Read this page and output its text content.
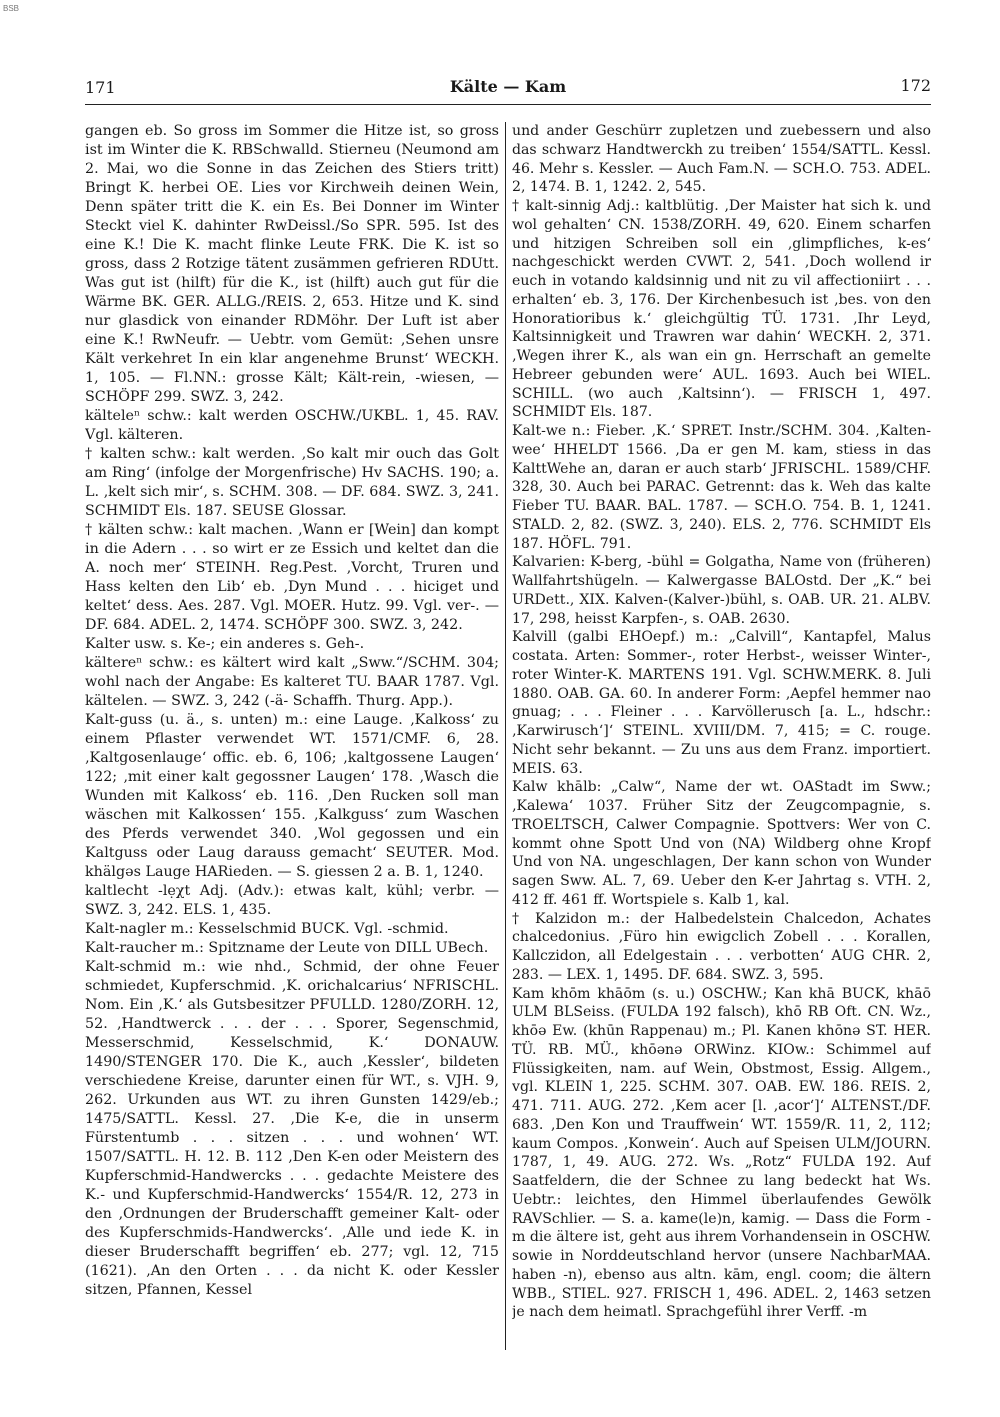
BSB
171	Kälte — Kam	172

gangen eb. So gross im Sommer die Hitze ist, so gross ist im Winter die K. RBSchwalld. Stierneu (Neumond am 2. Mai, wo die Sonne in das Zeichen des Stiers tritt) Bringt K. herbei OE. Lies vor Kirchweih deinen Wein, Denn später tritt die K. ein Es. Bei Donner im Winter Steckt viel K. dahinter RwDeissl./So SPR. 595. Ist des eine K.! Die K. macht flinke Leute FRK. Die K. ist so gross, dass 2 Rotzige tätent zusämmen gefrieren RDUtt. Was gut ist (hilft) für die K., ist (hilft) auch gut für die Wärme BK. GER. ALLG./REIS. 2, 653. Hitze und K. sind nur glasdick von einander RDMöhr. Der Luft ist aber eine K.! RwNeufr. — Uebtr. vom Gemüt: ‚Sehen unsre Kält verkehret In ein klar angenehme Brunst‘ WECKH. 1, 105. — Fl.NN.: grosse Kält; Kält-rein, -wiesen, — SCHÖPF 299. SWZ. 3, 242.

kälteleⁿ schw.: kalt werden OSCHW./UKBL. 1, 45. RAV. Vgl. kälteren.

† kalten schw.: kalt werden. ‚So kalt mir ouch das Golt am Ring‘ (infolge der Morgenfrische) Hv SACHS. 190; a. L. ‚kelt sich mir‘, s. SCHM. 308. — DF. 684. SWZ. 3, 241. SCHMIDT Els. 187. SEUSE Glossar.

† kälten schw.: kalt machen. ‚Wann er [Wein] dan kompt in die Adern . . . so wirt er ze Essich und keltet dan die A. noch mer‘ STEINH. Reg.Pest. ‚Vorcht, Truren und Hass kelten den Lib‘ eb. ‚Dyn Mund . . . hiciget und keltet‘ dess. Aes. 287. Vgl. MOER. Hutz. 99. Vgl. ver-. — DF. 684. ADEL. 2, 1474. SCHÖPF 300. SWZ. 3, 242.

Kalter usw. s. Ke-; ein anderes s. Geh-.

kältereⁿ schw.: es kältert wird kalt „Sww.“/SCHM. 304; wohl nach der Angabe: Es kalteret TU. BAAR 1787. Vgl. kältelen. — SWZ. 3, 242 (-ä- Schaffh. Thurg. App.).

Kalt-guss (u. ä., s. unten) m.: eine Lauge. ‚Kalkoss‘ zu einem Pflaster verwendet WT. 1571/CMF. 6, 28. ‚Kaltgosenlauge‘ offic. eb. 6, 106; ‚kaltgossene Laugen‘ 122; ‚mit einer kalt gegossner Laugen‘ 178. ‚Wasch die Wunden mit Kalkoss‘ eb. 116. ‚Den Rucken soll man wäschen mit Kalkossen‘ 155. ‚Kalkguss‘ zum Waschen des Pferds verwendet 340. ‚Wol gegossen und ein Kaltguss oder Laug darauss gemacht‘ SEUTER. Mod. khälgəs Lauge HARieden. — S. giessen 2 a. B. 1, 1240.

kaltlecht -lẹχt Adj. (Adv.): etwas kalt, kühl; verbr. — SWZ. 3, 242. ELS. 1, 435.

Kalt-nagler m.: Kesselschmid BUCK. Vgl. -schmid.

Kalt-raucher m.: Spitzname der Leute von DILL UBech.

Kalt-schmid m.: wie nhd., Schmid, der ohne Feuer schmiedet, Kupferschmid. ‚K. orichalcarius‘ NFRISCHL. Nom. Ein ‚K.‘ als Gutsbesitzer PFULLD. 1280/ZORH. 12, 52. ‚Handtwerck . . . der . . . Sporer, Segenschmid, Messerschmid, Kesselschmid, K.‘ DONAUW. 1490/STENGER 170. Die K., auch ‚Kessler‘, bildeten verschiedene Kreise, darunter einen für WT., s. VJH. 9, 262. Urkunden aus WT. zu ihren Gunsten 1429/eb.; 1475/SATTL. Kessl. 27. ‚Die K-e, die in unserm Fürstentumb . . . sitzen . . . und wohnen‘ WT. 1507/SATTL. H. 12. B. 112 ‚Den K-en oder Meistern des Kupferschmid-Handwercks . . . gedachte Meistere des K.- und Kupferschmid-Handwercks‘ 1554/R. 12, 273 in den ‚Ordnungen der Bruderschafft gemeiner Kalt- oder des Kupferschmids-Handwercks‘. ‚Alle und iede K. in dieser Bruderschafft begriffen‘ eb. 277; vgl. 12, 715 (1621). ‚An den Orten . . . da nicht K. oder Kessler sitzen, Pfannen, Kessel

und ander Geschürr zupletzen und zuebessern und also das schwarz Handtwerckh zu treiben‘ 1554/SATTL. Kessl. 46. Mehr s. Kessler. — Auch Fam.N. — SCH.O. 753. ADEL. 2, 1474. B. 1, 1242. 2, 545.

† kalt-sinnig Adj.: kaltblütig. ‚Der Maister hat sich k. und wol gehalten‘ CN. 1538/ZORH. 49, 620. Einem scharfen und hitzigen Schreiben soll ein ‚glimpfliches, k-es‘ nachgeschickt werden CVWT. 2, 541. ‚Doch wollend ir euch in votando kaldsinnig und nit zu vil affectioniirt . . . erhalten‘ eb. 3, 176. Der Kirchenbesuch ist ‚bes. von den Honoratioribus k.‘ gleichgültig TÜ. 1731. ‚Ihr Leyd, Kaltsinnigkeit und Trawren war dahin‘ WECKH. 2, 371. ‚Wegen ihrer K., als wan ein gn. Herrschaft an gemelte Hebreer gebunden were‘ AUL. 1693. Auch bei WIEL. SCHILL. (wo auch ‚Kaltsinn‘). — FRISCH 1, 497. SCHMIDT Els. 187.

Kalt-we n.: Fieber. ‚K.‘ SPRET. Instr./SCHM. 304. ‚Kalten-wee‘ HHELDT 1566. ‚Da er gen M. kam, stiess in das KalttWehe an, daran er auch starb‘ JFRISCHL. 1589/CHF. 328, 30. Auch bei PARAC. Getrennt: das k. Weh das kalte Fieber TU. BAAR. BAL. 1787. — SCH.O. 754. B. 1, 1241. STALD. 2, 82. (SWZ. 3, 240). ELS. 2, 776. SCHMIDT Els 187. HÖFL. 791.

Kalvarien: K-berg, -bühl = Golgatha, Name von (früheren) Wallfahrtshügeln. — Kalwergasse BALOstd. Der „K.“ bei URDett., XIX. Kalven-(Kalver-)bühl, s. OAB. UR. 21. ALBV. 17, 298, heisst Karpfen-, s. OAB. 2630.

Kalvill (galbi EHOepf.) m.: „Calvill“, Kantapfel, Malus costata. Arten: Sommer-, roter Herbst-, weisser Winter-, roter Winter-K. MARTENS 191. Vgl. SCHW.MERK. 8. Juli 1880. OAB. GA. 60. In anderer Form: ‚Aepfel hemmer nao gnuag; . . . Fleiner . . . Karvöllerusch [a. L., hdschr.: ‚Karwirusch‘]‘ STEINL. XVIII/DM. 7, 415; = C. rouge. Nicht sehr bekannt. — Zu uns aus dem Franz. importiert. MEIS. 63.

Kalw khālb: „Calw“, Name der wt. OAStadt im Sww.; ‚Kalewa‘ 1037. Früher Sitz der Zeugcompagnie, s. TROELTSCH, Calwer Compagnie. Spottvers: Wer von C. kommt ohne Spott Und von (NA) Wildberg ohne Kropf Und von NA. ungeschlagen, Der kann schon von Wunder sagen Sww. AL. 7, 69. Ueber den K-er Jahrtag s. VTH. 2, 412 ff. 461 ff. Wortspiele s. Kalb 1, kal.

† Kalzidon m.: der Halbedelstein Chalcedon, Achates chalcedonius. ‚Füro hin ewigclich Zobell . . . Korallen, Kallczidon, all Edelgestain . . . verbotten‘ AUG CHR. 2, 283. — LEX. 1, 1495. DF. 684. SWZ. 3, 595.

Kam khōm khāōm (s. u.) OSCHW.; Kan khā BUCK, khāō ULM BLSeiss. (FULDA 192 falsch), khō RB Oft. CN. Wz., khōə Ew. (khūn Rappenau) m.; Pl. Kanen khōnə ST. HER. TÜ. RB. MÜ., khōənə ORWinz. KIOw.: Schimmel auf Flüssigkeiten, nam. auf Wein, Obstmost, Essig. Allgem., vgl. KLEIN 1, 225. SCHM. 307. OAB. EW. 186. REIS. 2, 471. 711. AUG. 272. ‚Kem acer [l. ‚acor‘]‘ ALTENST./DF. 683. ‚Den Kon und Trauffwein‘ WT. 1559/R. 11, 2, 112; kaum Compos. ‚Konwein‘. Auch auf Speisen ULM/JOURN. 1787, 1, 49. AUG. 272. Ws. „Rotz“ FULDA 192. Auf Saatfeldern, die der Schnee zu lang bedeckt hat Ws. Uebtr.: leichtes, den Himmel überlaufendes Gewölk RAVSchlier. — S. a. kame(le)n, kamig. — Dass die Form -m die ältere ist, geht aus ihrem Vorhandensein in OSCHW. sowie in Norddeutschland hervor (unsere NachbarMAA. haben -n), ebenso aus altn. kām, engl. coom; die ältern WBB., STIEL. 927. FRISCH 1, 496. ADEL. 2, 1463 setzen je nach dem heimatl. Sprachgefühl ihrer Verff. -m
